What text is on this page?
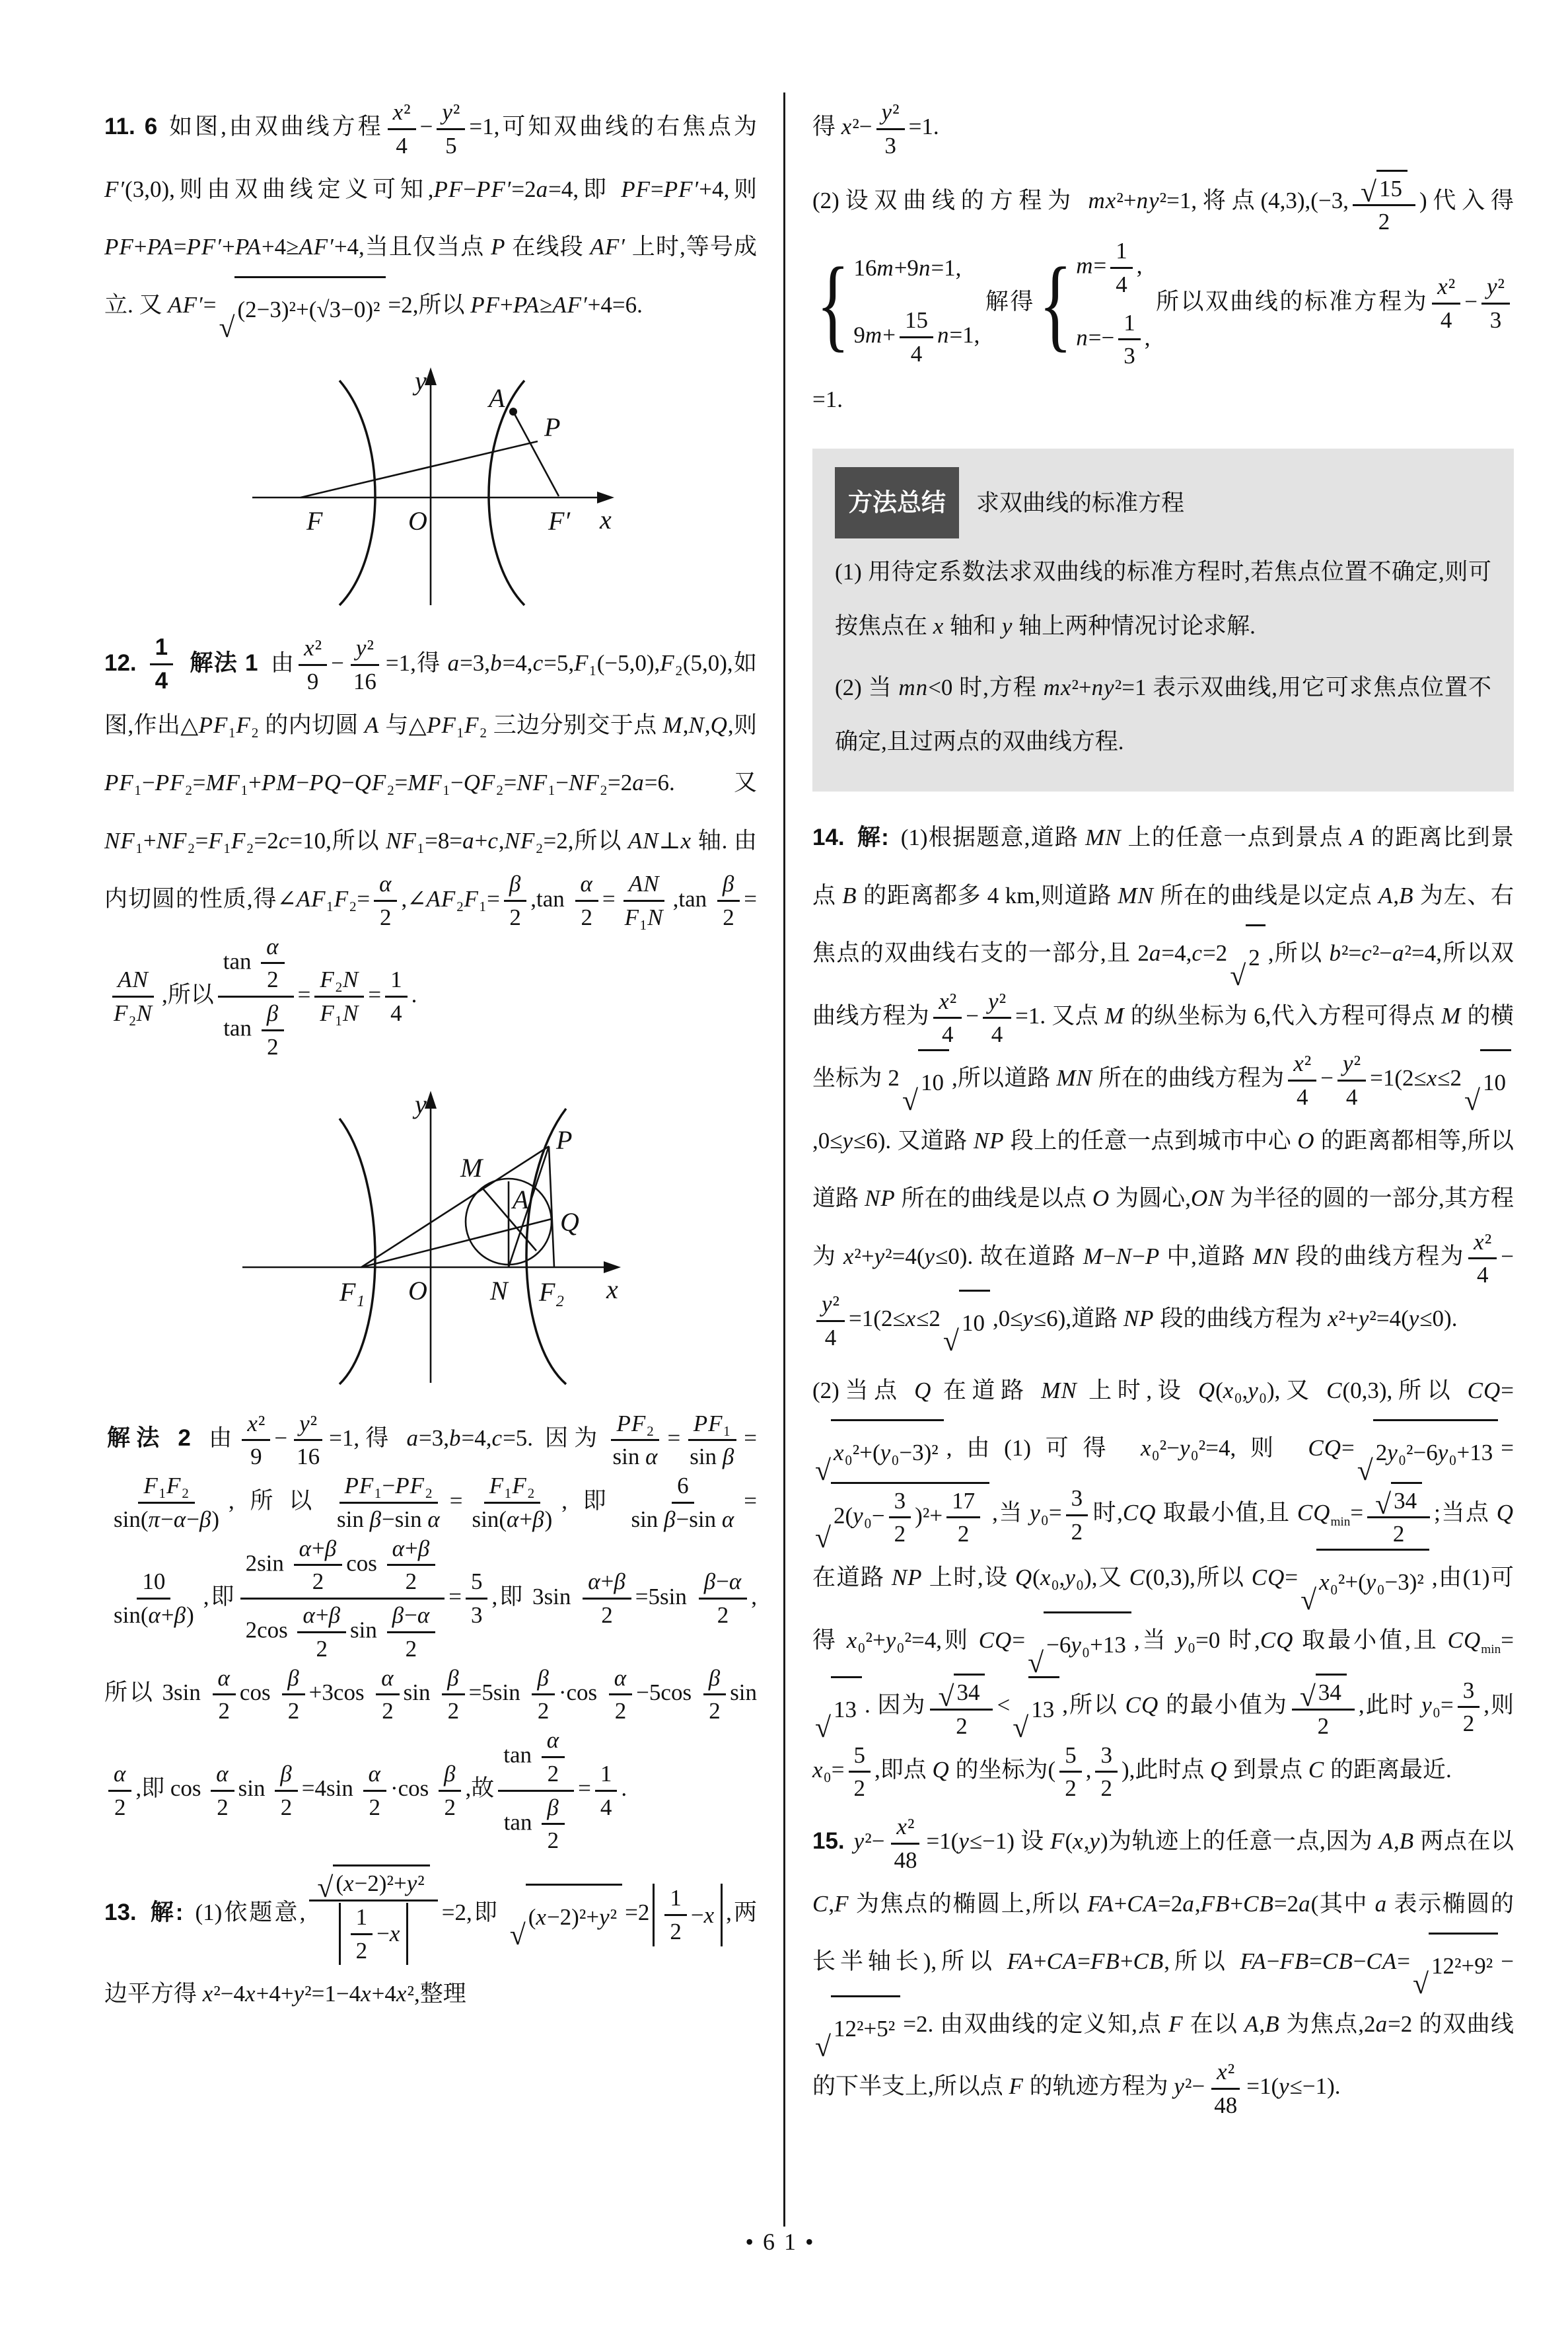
11. 6 如图,由双曲线方程 $\frac{\text{x²}}{4} - \frac{\text{y²}}{5} =1$,可知双曲线的右焦点为 F′(3,0),则由双曲线定义可知,PF−PF′=2a=4,即 PF=PF′+4,则 PF+PA=PF′+PA+4≥AF′+4,当且仅当点 P 在线段 AF′ 上时,等号成立. 又 AF′=
√
(2−3)²+(√3−0)² =2,所以 PF+PA≥AF′+4=6.

y
x
O
F	F′
A
P

12. $\frac{1}{4}$ 解法 1 由 $\frac{\text{x²}}{9} - \frac{\text{y²}}{16} =1$,得 a=3,b=4,c=5,F₁(−5,0),F₂(5,0),如图,作出△PF₁F₂ 的内切圆 A 与△PF₁F₂ 三边分别交于点 M,N,Q,则 PF₁−PF₂=MF₁+PM−PQ−QF₂=MF₁−QF₂=NF₁−NF₂=2a=6. 又 NF₁+NF₂=F₁F₂=2c=10,所以 NF₁=8=a+c,NF₂=2,所以 AN⊥x 轴. 由内切圆的性质,得∠AF₁F₂= $\frac{\alpha}{2}$ ,∠AF₂F₁= $\frac{\beta}{2} ,\tan \frac{\alpha}{2} = \frac{AN}{\text{F₁N}} ,\tan \frac{\beta}{2}$ =
$\frac{AN}{\text{F₂N}}$ ,所以 $\frac{\tan \frac{\alpha}{2}}{\tan \frac{\beta}{2}} = \frac{\text{F₂N}}{\text{F₁N}} = \frac{1}{4}$ .

y
x
O
F₁	N F₂
M
A
P
Q

解法 2 由 $\frac{\text{x²}}{9} - \frac{\text{y²}}{16} =1$,得 a=3,b=4,c=5. 因为 $\frac{\text{PF₂}}{\text{sin α}} = \frac{\text{PF₁}}{\text{sin β}}$ =
$\frac{\text{F₁F₂}}{\sin(\pi-\alpha-\beta)}$ ,所以 $\frac{\text{PF₁−PF₂}}{\text{sin β−sin α}} = \frac{\text{F₁F₂}}{\sin(\alpha+\beta)}$ ,即 $\frac{6}{\text{sin β−sin α}}$ =
$\frac{10}{\sin(\alpha+\beta)}$ ,即 $\frac{2\sin \frac{\alpha+\beta}{2} \cos \frac{\alpha+\beta}{2}}{2\cos \frac{\alpha+\beta}{2} \sin \frac{\beta-\alpha}{2}} = \frac{5}{3}$ ,即 $3\sin \frac{\alpha+\beta}{2} =5\sin \frac{\beta-\alpha}{2}$ ,所以 $3\sin \frac{\alpha}{2}$ $\cos \frac{\beta}{2} +3\cos \frac{\alpha}{2}$ $\sin \frac{\beta}{2} =5\sin \frac{\beta}{2} \cdot\cos \frac{\alpha}{2} -5\cos \frac{\beta}{2}$ sin
$\frac{\alpha}{2}$ ,即 $\cos \frac{\alpha}{2}$ $\sin \frac{\beta}{2} =4\sin \frac{\alpha}{2} \cdot\cos \frac{\beta}{2}$ ,故 $\frac{\tan \frac{\alpha}{2}}{\tan \frac{\beta}{2}} = \frac{1}{4}$ .

13. 解: (1)依题意, $\frac{\text{√ (x−2)²+y²}}{\frac{1}{2} - x} =2$,即
√
$(x-2)^2+y^2 =2 \frac{1}{2} - x$ ,两边平方得 x²−4x+4+y²=1−4x+4x²,整理

得 $x^2- \frac{\text{y²}}{3} =1$.

(2)设双曲线的方程为 mx²+ny²=1,将点(4,3),(−3, $\frac{√ 15}{2}$ )代入得
{ 16m+9n=1,
$9m+ \frac{15}{4} n=1$,
解得 { $m= \frac{1}{4}$ ,
$n=- \frac{1}{3}$ ,
所以双曲线的标准方程为 $\frac{\text{x²}}{4} - \frac{\text{y²}}{3}$
=1.

方法总结 求双曲线的标准方程

(1) 用待定系数法求双曲线的标准方程时,若焦点位置不确定,则可按焦点在 x 轴和 y 轴上两种情况讨论求解.

(2) 当 mn<0 时,方程 mx²+ny²=1 表示双曲线,用它可求焦点位置不确定,且过两点的双曲线方程.

14. 解: (1)根据题意,道路 MN 上的任意一点到景点 A 的距离比到景点 B 的距离都多 4 km,则道路 MN 所在的曲线是以定点 A,B 为左、右焦点的双曲线右支的一部分,且 2a=4,c=2
√
2 ,所以 b²=c²−a²=4,所以双曲线方程为 $\frac{\text{x²}}{4} - \frac{\text{y²}}{4} =1$. 又点 M 的纵坐标为 6,代入方程可得点 M 的横坐标为 2
√
10 ,所以道路 MN 所在的曲线方程为 $\frac{\text{x²}}{4} - \frac{\text{y²}}{4} =1(2\le x\le 2$
√
10
,0≤y≤6). 又道路 NP 段上的任意一点到城市中心 O 的距离都相等,所以道路 NP 所在的曲线是以点 O 为圆心,ON 为半径的圆的一部分,其方程为 x²+y²=4(y≤0). 故在道路 M−N−P 中,道路 MN 段的曲线方程为 $\frac{\text{x²}}{4}$ −
$\frac{\text{y²}}{4} =1(2\le x\le 2$
√
10 ,0≤y≤6),道路 NP 段的曲线方程为 x²+y²=4(y≤0).

(2)当点 Q 在道路 MN 上时,设 Q(x₀,y₀),又 C(0,3),所以 CQ=
√
x₀²+(y₀−3)² ,由(1)可得 x₀²−y₀²=4,则 CQ=
√
2y₀²−6y₀+13 =
√
$2(y_0- \frac{3}{2} )^2+ \frac{17}{2}$ ,当 $y_0= \frac{3}{2}$ 时,CQ 取最小值,且 $CQ_{min}= \frac{√ 34}{2}$ ;当点 Q 在道路 NP 上时,设 Q(x₀,y₀),又 C(0,3),所以 CQ=
√
x₀²+(y₀−3)² ,由(1)可得 x₀²+y₀²=4,则 CQ=
√
−6y₀+13 ,当 y₀=0 时,CQ 取最小值,且 $CQ_{min}=$
√
13 . 因为 $\frac{√ 34}{2}$ <
√
13 ,所以 CQ 的最小值为 $\frac{√ 34}{2}$ ,此时 $y_0= \frac{3}{2}$ ,则 $x_0= \frac{5}{2}$ ,即点 Q 的坐标为( $\frac{5}{2}$ , $\frac{3}{2}$ ),此时点 Q 到景点 C 的距离最近.

15. $y^2- \frac{\text{x²}}{48} =1(y\le-1)$ 设 F(x,y)为轨迹上的任意一点,因为 A,B 两点在以 C,F 为焦点的椭圆上,所以 FA+CA=2a,FB+CB=2a(其中 a 表示椭圆的长半轴长),所以 FA+CA=FB+CB,所以 FA−FB=CB−CA=
√
12²+9² −
√
12²+5² =2. 由双曲线的定义知,点 F 在以 A,B 为焦点,2a=2 的双曲线的下半支上,所以点 F 的轨迹方程为 $y^2- \frac{\text{x²}}{48} =1(y\le-1)$.

•61•
